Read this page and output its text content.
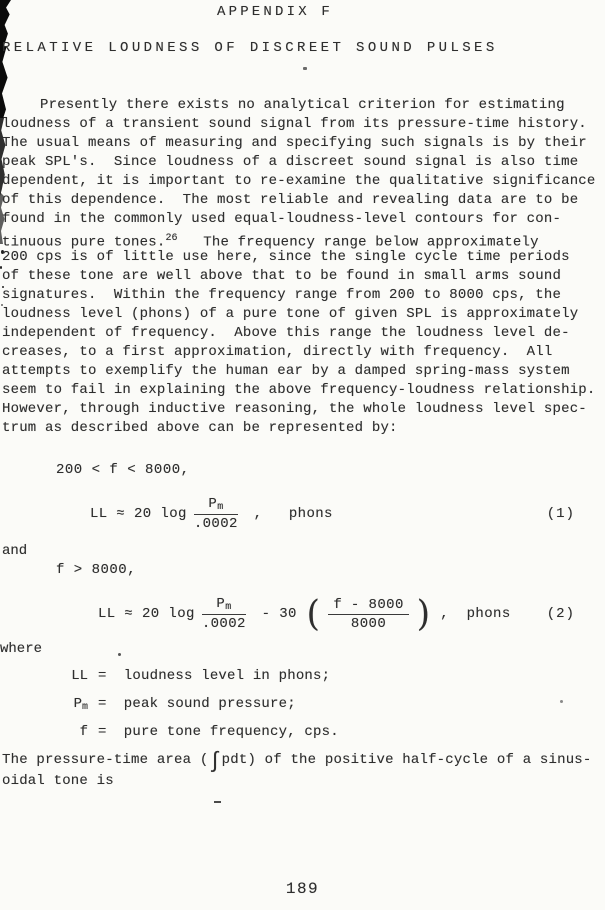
APPENDIX F
RELATIVE LOUDNESS OF DISCREET SOUND PULSES
Presently there exists no analytical criterion for estimating
loudness of a transient sound signal from its pressure-time history.
The usual means of measuring and specifying such signals is by their
peak SPL's.  Since loudness of a discreet sound signal is also time
dependent, it is important to re-examine the qualitative significance
of this dependence.  The most reliable and revealing data are to be
found in the commonly used equal-loudness-level contours for con-
tinuous pure tones.$^{26}$   The frequency range below approximately
200 cps is of little use here, since the single cycle time periods
of these tone are well above that to be found in small arms sound
signatures.  Within the frequency range from 200 to 8000 cps, the
loudness level (phons) of a pure tone of given SPL is approximately
independent of frequency.  Above this range the loudness level de-
creases, to a first approximation, directly with frequency.  All
attempts to exemplify the human ear by a damped spring-mass system
seem to fail in explaining the above frequency-loudness relationship.
However, through inductive reasoning, the whole loudness level spec-
trum as described above can be represented by:
200 < f < 8000,
LL ≈ 20 $\log \frac{Pm}{.0002}$ ,   phons	(1)
and
f > 8000,
LL ≈ 20 $\log \frac{Pm}{.0002} - 30$ ( $\frac{f - 8000}{8000}$ ) ,  phons	(2)
where
LL =  loudness level in phons;
Pm =  peak sound pressure;
f =  pure tone frequency, cps.
The pressure-time area (∫pdt) of the positive half-cycle of a sinus-
oidal tone is
189
